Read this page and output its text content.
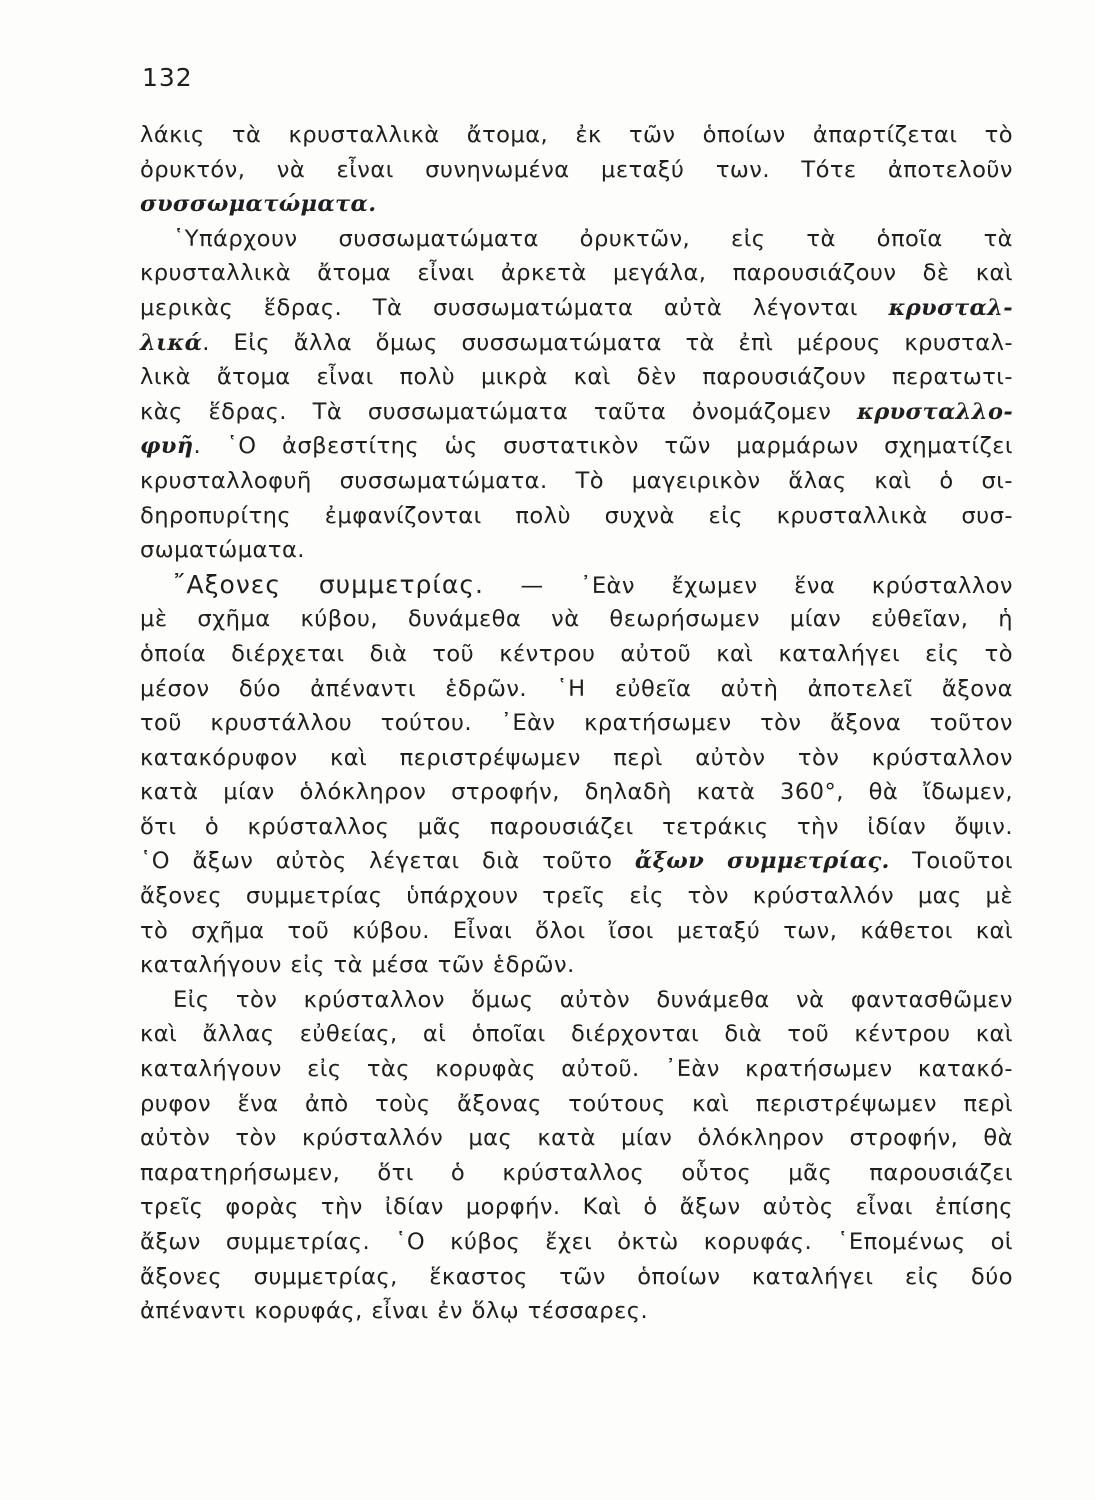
132
λάκις τὰ κρυσταλλικὰ ἄτομα, ἐκ τῶν ὁποίων ἀπαρτίζεται τὸ
ὀρυκτόν, νὰ εἶναι συνηνωμένα μεταξύ των. Τότε ἀποτελοῦν
συσσωματώματα.
῾Υπάρχουν συσσωματώματα ὀρυκτῶν, εἰς τὰ ὁποῖα τὰ
κρυσταλλικὰ ἄτομα εἶναι ἀρκετὰ μεγάλα, παρουσιάζουν δὲ καὶ
μερικὰς ἕδρας. Τὰ συσσωματώματα αὐτὰ λέγονται κρυσταλ-
λικά. Εἰς ἄλλα ὅμως συσσωματώματα τὰ ἐπὶ μέρους κρυσταλ-
λικὰ ἄτομα εἶναι πολὺ μικρὰ καὶ δὲν παρουσιάζουν περατωτι-
κὰς ἕδρας. Τὰ συσσωματώματα ταῦτα ὀνομάζομεν κρυσταλλο-
φυῆ. ῾Ο ἀσβεστίτης ὡς συστατικὸν τῶν μαρμάρων σχηματίζει
κρυσταλλοφυῆ συσσωματώματα. Τὸ μαγειρικὸν ἅλας καὶ ὁ σι-
δηροπυρίτης ἐμφανίζονται πολὺ συχνὰ εἰς κρυσταλλικὰ συσ-
σωματώματα.
῎Αξονες συμμετρίας. — ᾽Εὰν ἔχωμεν ἕνα κρύσταλλον
μὲ σχῆμα κύβου, δυνάμεθα νὰ θεωρήσωμεν μίαν εὐθεῖαν, ἡ
ὁποία διέρχεται διὰ τοῦ κέντρου αὐτοῦ καὶ καταλήγει εἰς τὸ
μέσον δύο ἀπέναντι ἑδρῶν. ῾Η εὐθεῖα αὐτὴ ἀποτελεῖ ἄξονα
τοῦ κρυστάλλου τούτου. ᾽Εὰν κρατήσωμεν τὸν ἄξονα τοῦτον
κατακόρυφον καὶ περιστρέψωμεν περὶ αὐτὸν τὸν κρύσταλλον
κατὰ μίαν ὁλόκληρον στροφήν, δηλαδὴ κατὰ 360°, θὰ ἴδωμεν,
ὅτι ὁ κρύσταλλος μᾶς παρουσιάζει τετράκις τὴν ἰδίαν ὄψιν.
῾Ο ἄξων αὐτὸς λέγεται διὰ τοῦτο ἄξων συμμετρίας. Τοιοῦτοι
ἄξονες συμμετρίας ὑπάρχουν τρεῖς εἰς τὸν κρύσταλλόν μας μὲ
τὸ σχῆμα τοῦ κύβου. Εἶναι ὅλοι ἴσοι μεταξύ των, κάθετοι καὶ
καταλήγουν εἰς τὰ μέσα τῶν ἑδρῶν.
Εἰς τὸν κρύσταλλον ὅμως αὐτὸν δυνάμεθα νὰ φαντασθῶμεν
καὶ ἄλλας εὐθείας, αἱ ὁποῖαι διέρχονται διὰ τοῦ κέντρου καὶ
καταλήγουν εἰς τὰς κορυφὰς αὐτοῦ. ᾽Εὰν κρατήσωμεν κατακό-
ρυφον ἕνα ἀπὸ τοὺς ἄξονας τούτους καὶ περιστρέψωμεν περὶ
αὐτὸν τὸν κρύσταλλόν μας κατὰ μίαν ὁλόκληρον στροφήν, θὰ
παρατηρήσωμεν, ὅτι ὁ κρύσταλλος οὗτος μᾶς παρουσιάζει
τρεῖς φορὰς τὴν ἰδίαν μορφήν. Καὶ ὁ ἄξων αὐτὸς εἶναι ἐπίσης
ἄξων συμμετρίας. ῾Ο κύβος ἔχει ὀκτὼ κορυφάς. ῾Επομένως οἱ
ἄξονες συμμετρίας, ἕκαστος τῶν ὁποίων καταλήγει εἰς δύο
ἀπέναντι κορυφάς, εἶναι ἐν ὅλῳ τέσσαρες.
